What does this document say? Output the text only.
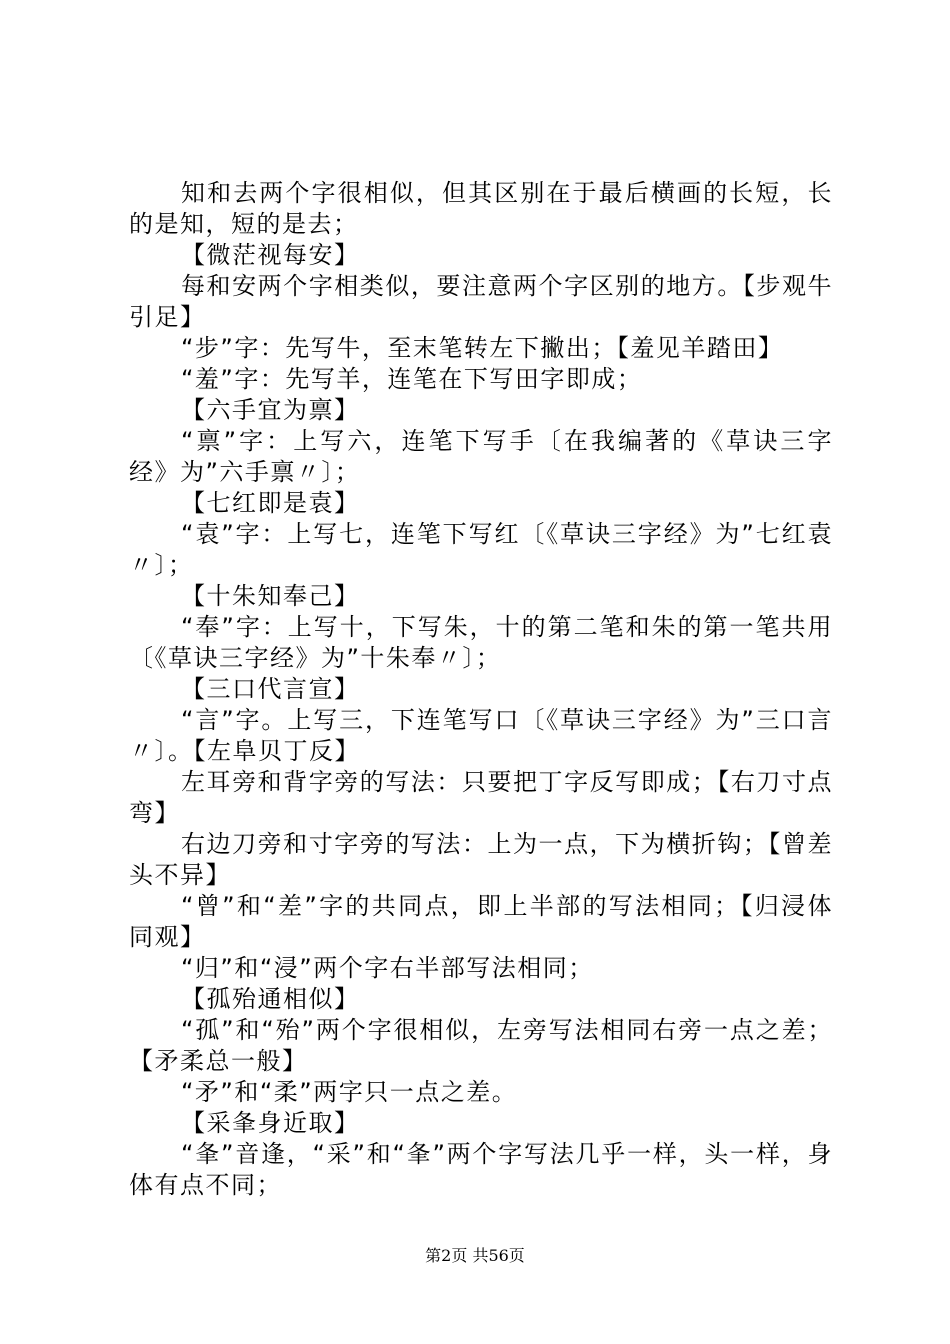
知和去两个字很相似，但其区别在于最后横画的长短，长的是知，短的是去；

【微茫视每安】

每和安两个字相类似，要注意两个字区别的地方。【步观牛引足】

“步”字：先写牛，至末笔转左下撇出；【羞见羊踏田】

“羞”字：先写羊，连笔在下写田字即成；

【六手宜为禀】

“禀”字：上写六，连笔下写手〔在我编著的《草诀三字经》为”六手禀〃〕；

【七红即是袁】

“袁”字：上写七，连笔下写红〔《草诀三字经》为”七红袁〃〕；

【十朱知奉己】

“奉”字：上写十，下写朱，十的第二笔和朱的第一笔共用〔《草诀三字经》为”十朱奉〃〕；

【三口代言宣】

“言”字。上写三，下连笔写口〔《草诀三字经》为”三口言〃〕。【左阜贝丁反】

左耳旁和背字旁的写法：只要把丁字反写即成；【右刀寸点弯】

右边刀旁和寸字旁的写法：上为一点，下为横折钩；【曾差头不异】

“曾”和“差”字的共同点，即上半部的写法相同；【归浸体同观】

“归”和“浸”两个字右半部写法相同；

【孤殆通相似】

“孤”和“殆”两个字很相似，左旁写法相同右旁一点之差；【矛柔总一般】

“矛”和“柔”两字只一点之差。

【采夆身近取】

“夆”音逢，“采”和“夆”两个字写法几乎一样，头一样，身体有点不同；

第2页 共56页
